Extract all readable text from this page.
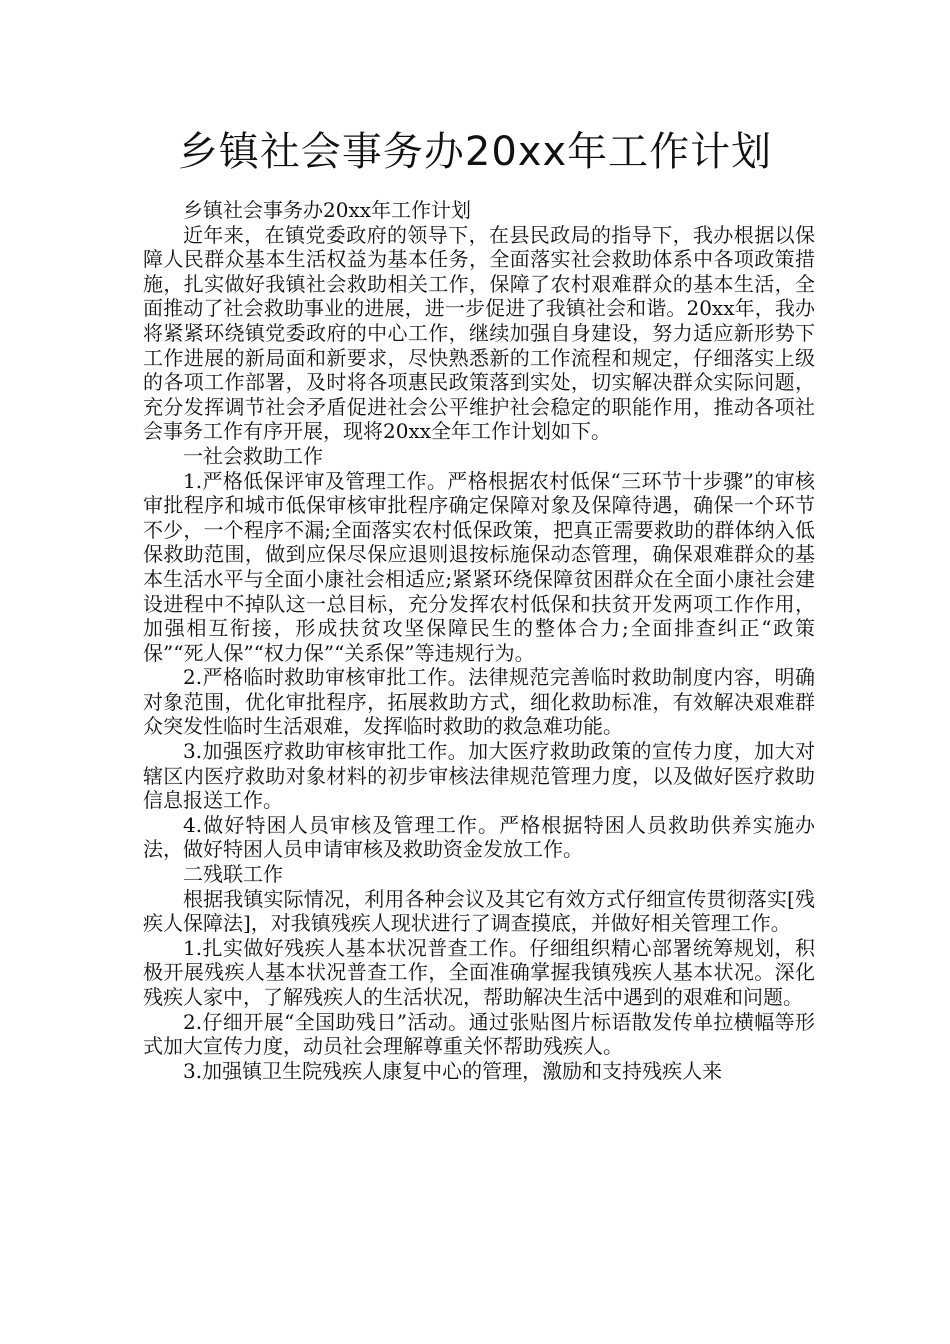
乡镇社会事务办20xx年工作计划

乡镇社会事务办20xx年工作计划

近年来，在镇党委政府的领导下，在县民政局的指导下，我办根据以保障人民群众基本生活权益为基本任务，全面落实社会救助体系中各项政策措施，扎实做好我镇社会救助相关工作，保障了农村艰难群众的基本生活，全面推动了社会救助事业的进展，进一步促进了我镇社会和谐。20xx年，我办将紧紧环绕镇党委政府的中心工作，继续加强自身建设，努力适应新形势下工作进展的新局面和新要求，尽快熟悉新的工作流程和规定，仔细落实上级的各项工作部署，及时将各项惠民政策落到实处，切实解决群众实际问题，充分发挥调节社会矛盾促进社会公平维护社会稳定的职能作用，推动各项社会事务工作有序开展，现将20xx全年工作计划如下。

一社会救助工作

1.严格低保评审及管理工作。严格根据农村低保“三环节十步骤”的审核审批程序和城市低保审核审批程序确定保障对象及保障待遇，确保一个环节不少，一个程序不漏;全面落实农村低保政策，把真正需要救助的群体纳入低保救助范围，做到应保尽保应退则退按标施保动态管理，确保艰难群众的基本生活水平与全面小康社会相适应;紧紧环绕保障贫困群众在全面小康社会建设进程中不掉队这一总目标，充分发挥农村低保和扶贫开发两项工作作用，加强相互衔接，形成扶贫攻坚保障民生的整体合力;全面排查纠正“政策保”“死人保”“权力保”“关系保”等违规行为。

2.严格临时救助审核审批工作。法律规范完善临时救助制度内容，明确对象范围，优化审批程序，拓展救助方式，细化救助标准，有效解决艰难群众突发性临时生活艰难，发挥临时救助的救急难功能。

3.加强医疗救助审核审批工作。加大医疗救助政策的宣传力度，加大对辖区内医疗救助对象材料的初步审核法律规范管理力度，以及做好医疗救助信息报送工作。

4.做好特困人员审核及管理工作。严格根据特困人员救助供养实施办法，做好特困人员申请审核及救助资金发放工作。

二残联工作

根据我镇实际情况，利用各种会议及其它有效方式仔细宣传贯彻落实[残疾人保障法]，对我镇残疾人现状进行了调查摸底，并做好相关管理工作。

1.扎实做好残疾人基本状况普查工作。仔细组织精心部署统筹规划，积极开展残疾人基本状况普查工作，全面准确掌握我镇残疾人基本状况。深化残疾人家中，了解残疾人的生活状况，帮助解决生活中遇到的艰难和问题。

2.仔细开展“全国助残日”活动。通过张贴图片标语散发传单拉横幅等形式加大宣传力度，动员社会理解尊重关怀帮助残疾人。

3.加强镇卫生院残疾人康复中心的管理，激励和支持残疾人来
